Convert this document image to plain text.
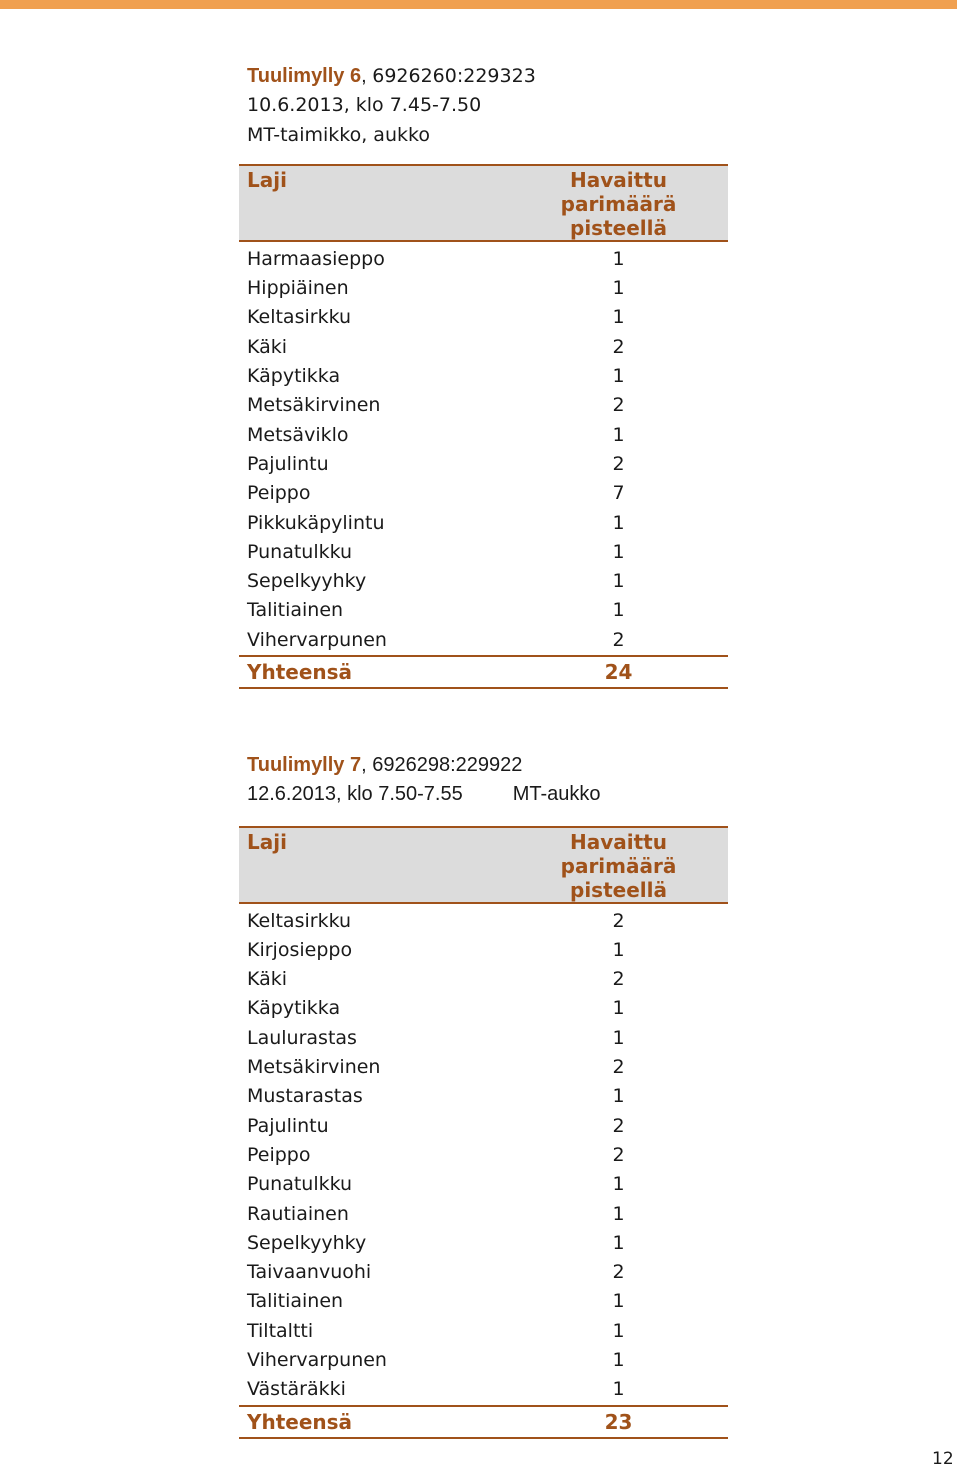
Tuulimylly 6, 6926260:229323
10.6.2013, klo 7.45-7.50
MT-taimikko, aukko
Laji	Havaittu parimäärä pisteellä
Harmaasieppo	1
Hippiäinen	1
Keltasirkku	1
Käki	2
Käpytikka	1
Metsäkirvinen	2
Metsäviklo	1
Pajulintu	2
Peippo	7
Pikkukäpylintu	1
Punatulkku	1
Sepelkyyhky	1
Talitiainen	1
Vihervarpunen	2
Yhteensä	24
Tuulimylly 7, 6926298:229922
12.6.2013, klo 7.50-7.55	MT-aukko
Laji	Havaittu parimäärä pisteellä
Keltasirkku	2
Kirjosieppo	1
Käki	2
Käpytikka	1
Laulurastas	1
Metsäkirvinen	2
Mustarastas	1
Pajulintu	2
Peippo	2
Punatulkku	1
Rautiainen	1
Sepelkyyhky	1
Taivaanvuohi	2
Talitiainen	1
Tiltaltti	1
Vihervarpunen	1
Västäräkki	1
Yhteensä	23
12
